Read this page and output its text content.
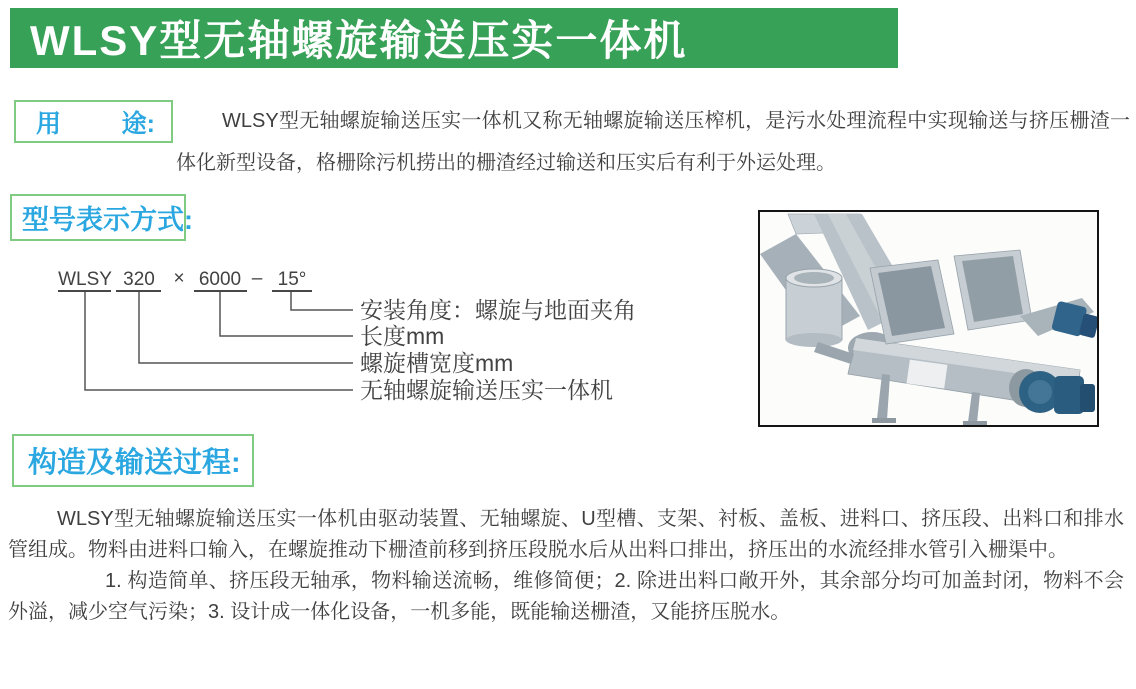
WLSY型无轴螺旋输送压实一体机

WLSY型无轴螺旋输送压实一体机又称无轴螺旋输送压榨机，是污水处理流程中实现输送与挤压栅渣一体化新型设备，格栅除污机捞出的栅渣经过输送和压实后有利于外运处理。

用 途:
型号表示方式:
WLSY 320 × 6000 – 15°
安装角度：螺旋与地面夹角
长度mm
螺旋槽宽度mm
无轴螺旋输送压实一体机
构造及输送过程:

WLSY型无轴螺旋输送压实一体机由驱动装置、无轴螺旋、U型槽、支架、衬板、盖板、进料口、挤压段、出料口和排水管组成。物料由进料口输入，在螺旋推动下栅渣前移到挤压段脱水后从出料口排出，挤压出的水流经排水管引入栅渠中。

1. 构造简单、挤压段无轴承，物料输送流畅，维修简便；2. 除进出料口敞开外，其余部分均可加盖封闭，物料不会外溢，减少空气污染；3. 设计成一体化设备，一机多能，既能输送栅渣，又能挤压脱水。
